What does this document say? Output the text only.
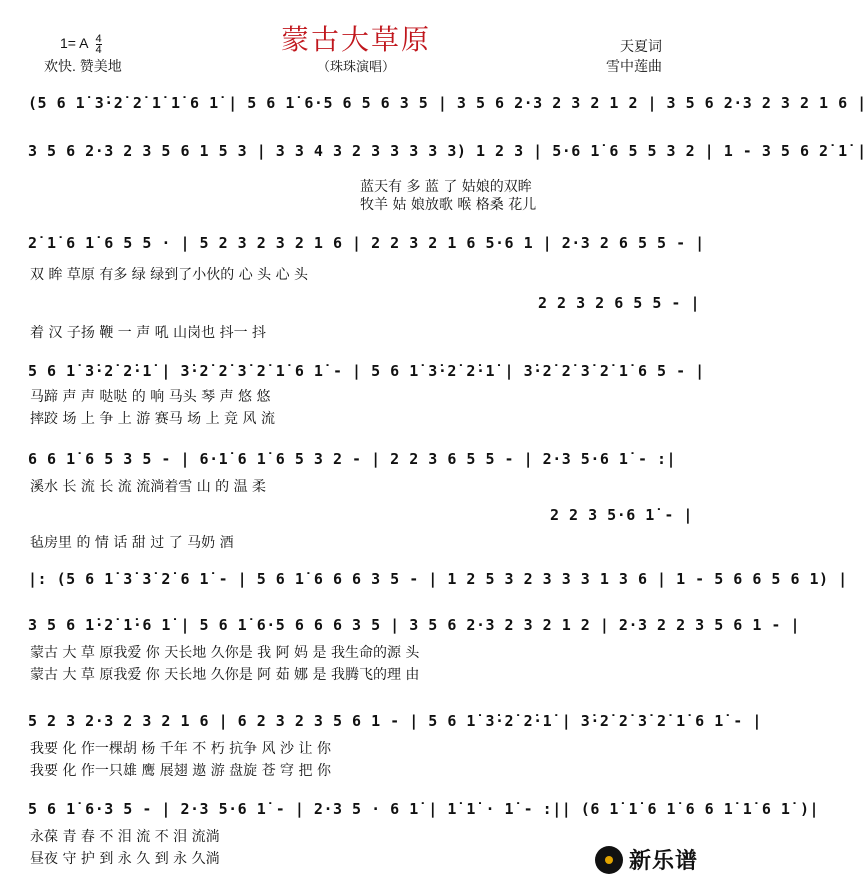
蒙古大草原
（珠珠演唱）
1= A $\frac{4}{4}$
欢快. 赞美地
天夏词
雪中莲曲
(5 6 1̇ 3̇·2̇ 2̇ 1̇ 1̇ 6 1̇ | 5 6 1̇ 6·5 6 5 6 3 5 | 3 5 6 2·3 2 3 2 1 2 | 3 5 6 2·3 2 3 2 1 6 |
3 5 6 2·3 2 3 5 6 1 5 3 | 3 3 4 3 2 3 3 3 3 3) 1 2 3 | 5·6 1̇ 6 5 5 3 2 | 1 - 3 5 6 2̇ 1̇ |
蓝天有 多 蓝 了 姑娘的双眸
牧羊 姑 娘放歌 喉 格桑 花儿
2̇ 1̇ 6 1̇ 6 5 5 · | 5 2 3 2 3 2 1 6 | 2 2 3 2 1 6 5·6 1 | 2·3 2 6 5 5 - |
双 眸 草原 有多 绿 绿到了小伙的 心 头 心 头
2 2 3 2 6 5 5 - |
着 汉 子扬 鞭 一 声 吼 山岗也 抖一 抖
5 6 1̇ 3̇·2̇ 2̇·1̇ | 3̇·2̇ 2̇ 3̇ 2̇ 1̇ 6 1̇ - | 5 6 1̇ 3̇·2̇ 2̇·1̇ | 3̇·2̇ 2̇ 3̇ 2̇ 1̇ 6 5 - |
马蹄 声 声 哒哒 的 响 马头 琴 声 悠 悠
摔跤 场 上 争 上 游 赛马 场 上 竞 风 流
6 6 1̇ 6 5 3 5 - | 6·1̇ 6 1̇ 6 5 3 2 - | 2 2 3 6 5 5 - | 2·3 5·6 1̇ - :|
溪水 长 流 长 流 流淌着雪 山 的 温 柔
2 2 3 5·6 1̇ - |
毡房里 的 情 话 甜 过 了 马奶 酒
|: (5 6 1̇ 3̇ 3̇ 2̇ 6 1̇ - | 5 6 1̇ 6 6 6 3 5 - | 1 2 5 3 2 3 3 3 1 3 6 | 1 - 5 6 6 5 6 1) |
3 5 6 1̇·2̇ 1̇·6 1̇ | 5 6 1̇ 6·5 6 6 6 3 5 | 3 5 6 2·3 2 3 2 1 2 | 2·3 2 2 3 5 6 1 - |
蒙古 大 草 原我爱 你 天长地 久你是 我 阿 妈 是 我生命的源 头
蒙古 大 草 原我爱 你 天长地 久你是 阿 茹 娜 是 我腾飞的理 由
5 2 3 2·3 2 3 2 1 6 | 6 2 3 2 3 5 6 1 - | 5 6 1̇ 3̇·2̇ 2̇·1̇ | 3̇·2̇ 2̇ 3̇ 2̇ 1̇ 6 1̇ - |
我要 化 作一棵胡 杨 千年 不 朽 抗争 风 沙 让 你
我要 化 作一只雄 鹰 展翅 遨 游 盘旋 苍 穹 把 你
5 6 1̇ 6·3 5 - | 2·3 5·6 1̇ - | 2·3 5 · 6 1̇ | 1̇ 1̇ · 1̇ - :|| (6 1̇ 1̇ 6 1̇ 6 6 1̇ 1̇ 6 1̇ )|
永葆 青 春 不 泪 流 不 泪 流淌
昼夜 守 护 到 永 久 到 永 久淌	新乐谱
